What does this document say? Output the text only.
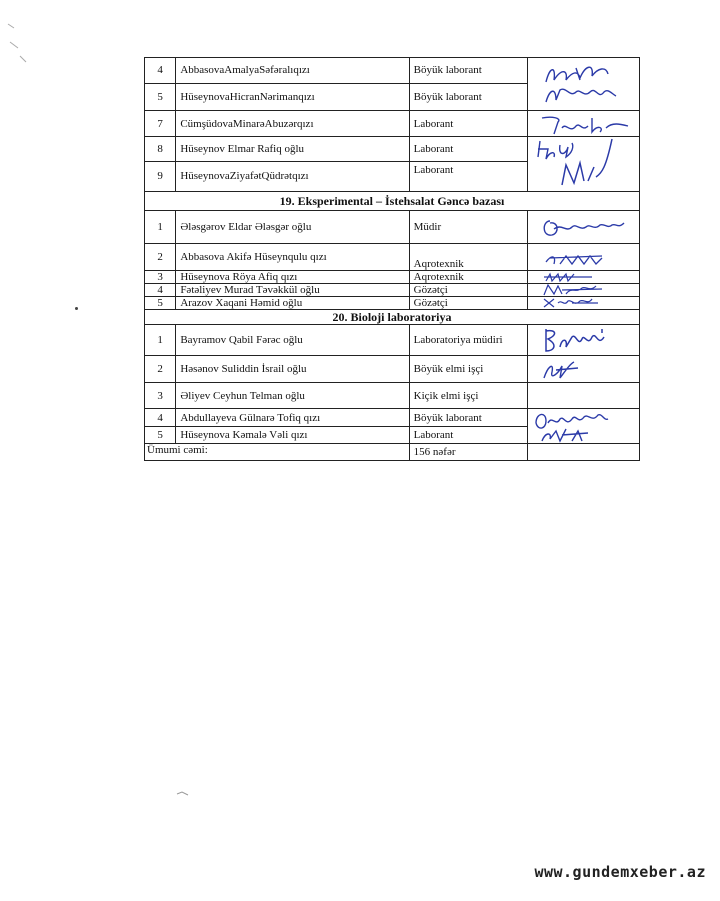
4	AbbasovaAmalyaSəfəralıqızı	Böyük laborant	

5	HüseynovaHicranNərimanqızı	Böyük laborant	
7	CümşüdovaMinarəAbuzərqızı	Laborant	

8	Hüseynov Elmar Rafiq oğlu	Laborant	

9	HüseynovaZiyafətQüdrətqızı	Laborant	
19. Eksperimental – İstehsalat Gəncə bazası			
1	Ələsgərov Eldar Ələsgər oğlu	Müdir	

2	Abbasova Akifə Hüseynqulu qızı	Aqrotexnik	

3	Hüseynova Röya Afiq qızı	Aqrotexnik	

4	Fətəliyev Murad Təvəkkül oğlu	Gözətçi	

5	Arazov Xaqani Həmid oğlu	Gözətçi	

20. Bioloji laboratoriya			
1	Bayramov Qabil Fərəc oğlu	Laboratoriya müdiri	

2	Həsənov Suliddin İsrail oğlu	Böyük elmi işçi	

3	Əliyev Ceyhun Telman oğlu	Kiçik elmi işçi	
4	Abdullayeva Gülnarə Tofiq qızı	Böyük laborant	

5	Hüseynova Kəmalə Vəli qızı	Laborant	
Ümumi cəmi:		156 nəfər	
www.gundemxeber.az
